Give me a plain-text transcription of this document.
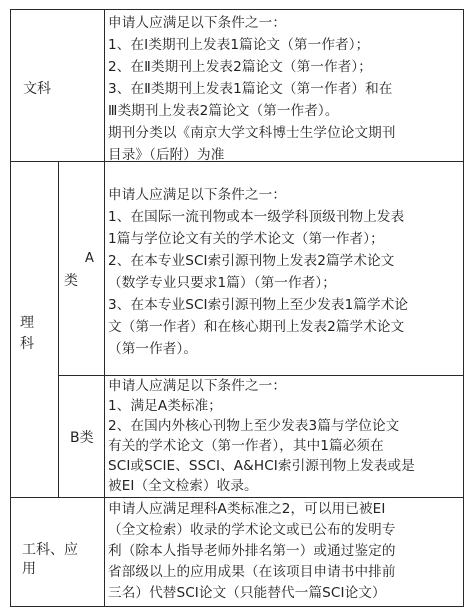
文科
申请人应满足以下条件之一：
1、在Ⅰ类期刊上发表1篇论文（第一作者）；
2、在Ⅱ类期刊上发表2篇论文（第一作者）；
3、在Ⅱ类期刊上发表1篇论文（第一作者）和在
Ⅲ类期刊上发表2篇论文（第一作者）。
期刊分类以《南京大学文科博士生学位论文期刊
目录》（后附）为准
理
科
A
类
申请人应满足以下条件之一：
1、在国际一流刊物或本一级学科顶级刊物上发表
1篇与学位论文有关的学术论文（第一作者）；
2、在本专业SCI索引源刊物上发表2篇学术论文
（数学专业只要求1篇）（第一作者）；
3、在本专业SCI索引源刊物上至少发表1篇学术论
文（第一作者）和在核心期刊上发表2篇学术论文
（第一作者）。
B类
申请人应满足以下条件之一：
1、满足A类标准；
2、在国内外核心刊物上至少发表3篇与学位论文
有关的学术论文（第一作者），其中1篇必须在
SCI或SCIE、SSCI、A&HCI索引源刊物上发表或是
被EI（全文检索）收录。
工科、应
用
申请人应满足理科A类标准之2，可以用已被EI
（全文检索）收录的学术论文或已公布的发明专
利（除本人指导老师外排名第一）或通过鉴定的
省部级以上的应用成果（在该项目申请书中排前
三名）代替SCI论文（只能替代一篇SCI论文）
